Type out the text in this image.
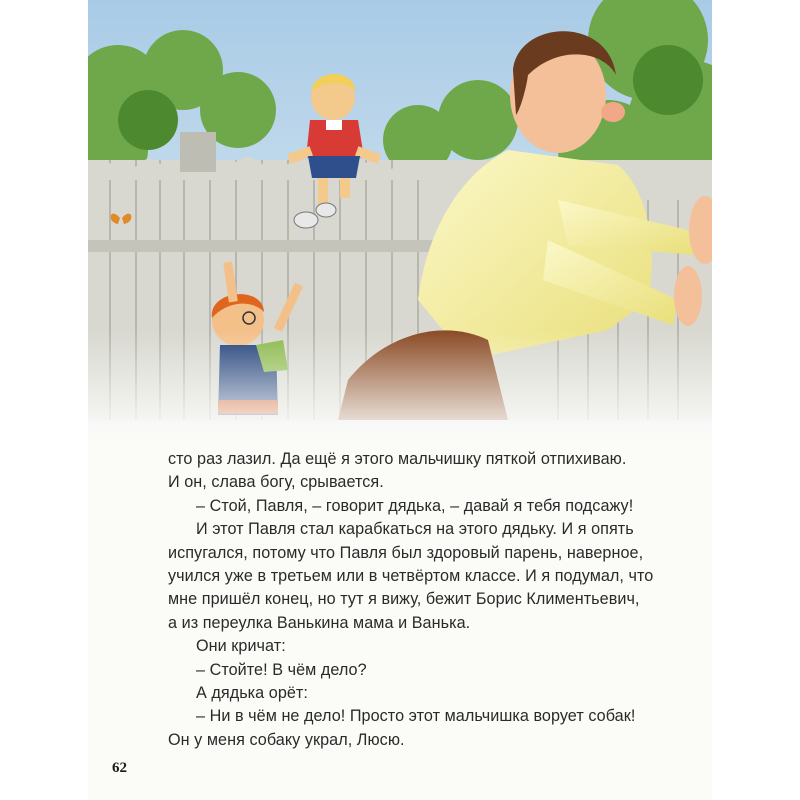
сто раз лазил. Да ещё я этого мальчишку пяткой отпихиваю.

И он, слава богу, срывается.

– Стой, Павля, – говорит дядька, – давай я тебя подсажу!

И этот Павля стал карабкаться на этого дядьку. И я опять

испугался, потому что Павля был здоровый парень, наверное,

учился уже в третьем или в четвёртом классе. И я подумал, что

мне пришёл конец, но тут я вижу, бежит Борис Климентьевич,

а из переулка Ванькина мама и Ванька.

Они кричат:

– Стойте! В чём дело?

А дядька орёт:

– Ни в чём не дело! Просто этот мальчишка ворует собак!

Он у меня собаку украл, Люсю.

62
